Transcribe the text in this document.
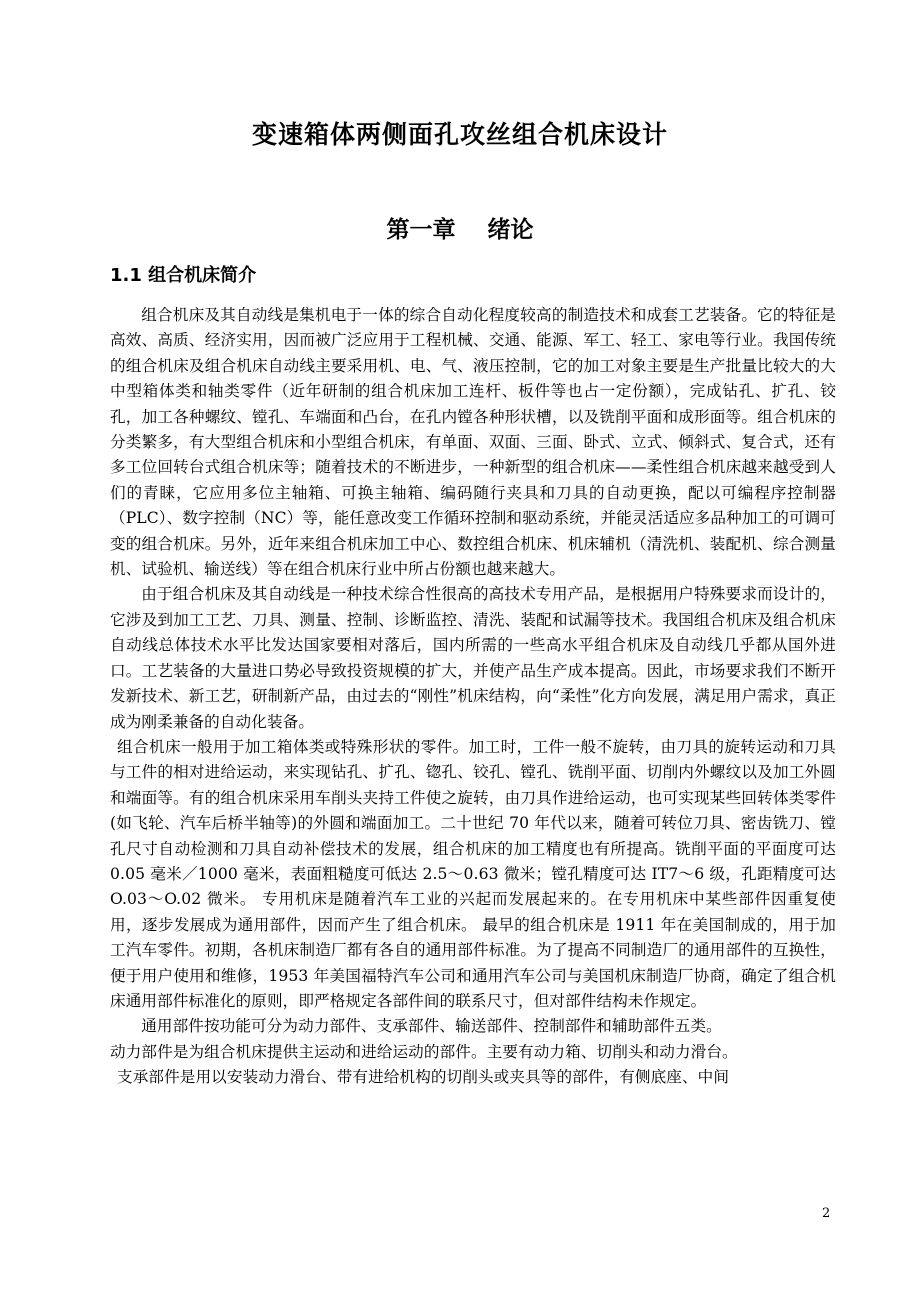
变速箱体两侧面孔攻丝组合机床设计
第一章    绪论
1.1 组合机床简介

组合机床及其自动线是集机电于一体的综合自动化程度较高的制造技术和成套工艺装备。它的特征是高效、高质、经济实用，因而被广泛应用于工程机械、交通、能源、军工、轻工、家电等行业。我国传统的组合机床及组合机床自动线主要采用机、电、气、液压控制，它的加工对象主要是生产批量比较大的大中型箱体类和轴类零件（近年研制的组合机床加工连杆、板件等也占一定份额），完成钻孔、扩孔、铰孔，加工各种螺纹、镗孔、车端面和凸台，在孔内镗各种形状槽，以及铣削平面和成形面等。组合机床的分类繁多，有大型组合机床和小型组合机床，有单面、双面、三面、卧式、立式、倾斜式、复合式，还有多工位回转台式组合机床等；随着技术的不断进步，一种新型的组合机床——柔性组合机床越来越受到人们的青睐，它应用多位主轴箱、可换主轴箱、编码随行夹具和刀具的自动更换，配以可编程序控制器（PLC）、数字控制（NC）等，能任意改变工作循环控制和驱动系统，并能灵活适应多品种加工的可调可变的组合机床。另外，近年来组合机床加工中心、数控组合机床、机床辅机（清洗机、装配机、综合测量机、试验机、输送线）等在组合机床行业中所占份额也越来越大。

由于组合机床及其自动线是一种技术综合性很高的高技术专用产品，是根据用户特殊要求而设计的，它涉及到加工工艺、刀具、测量、控制、诊断监控、清洗、装配和试漏等技术。我国组合机床及组合机床自动线总体技术水平比发达国家要相对落后，国内所需的一些高水平组合机床及自动线几乎都从国外进口。工艺装备的大量进口势必导致投资规模的扩大，并使产品生产成本提高。因此，市场要求我们不断开发新技术、新工艺，研制新产品，由过去的“刚性”机床结构，向“柔性”化方向发展，满足用户需求，真正成为刚柔兼备的自动化装备。

组合机床一般用于加工箱体类或特殊形状的零件。加工时，工件一般不旋转，由刀具的旋转运动和刀具与工件的相对进给运动，来实现钻孔、扩孔、锪孔、铰孔、镗孔、铣削平面、切削内外螺纹以及加工外圆和端面等。有的组合机床采用车削头夹持工件使之旋转，由刀具作进给运动，也可实现某些回转体类零件(如飞轮、汽车后桥半轴等)的外圆和端面加工。二十世纪 70 年代以来，随着可转位刀具、密齿铣刀、镗孔尺寸自动检测和刀具自动补偿技术的发展，组合机床的加工精度也有所提高。铣削平面的平面度可达 0.05 毫米／1000 毫米，表面粗糙度可低达 2.5～0.63 微米；镗孔精度可达 IT7～6 级，孔距精度可达 O.03～O.02 微米。 专用机床是随着汽车工业的兴起而发展起来的。在专用机床中某些部件因重复使用，逐步发展成为通用部件，因而产生了组合机床。 最早的组合机床是 1911 年在美国制成的，用于加工汽车零件。初期，各机床制造厂都有各自的通用部件标准。为了提高不同制造厂的通用部件的互换性，便于用户使用和维修，1953 年美国福特汽车公司和通用汽车公司与美国机床制造厂协商，确定了组合机床通用部件标准化的原则，即严格规定各部件间的联系尺寸，但对部件结构未作规定。

通用部件按功能可分为动力部件、支承部件、输送部件、控制部件和辅助部件五类。

动力部件是为组合机床提供主运动和进给运动的部件。主要有动力箱、切削头和动力滑台。

支承部件是用以安装动力滑台、带有进给机构的切削头或夹具等的部件，有侧底座、中间

2
